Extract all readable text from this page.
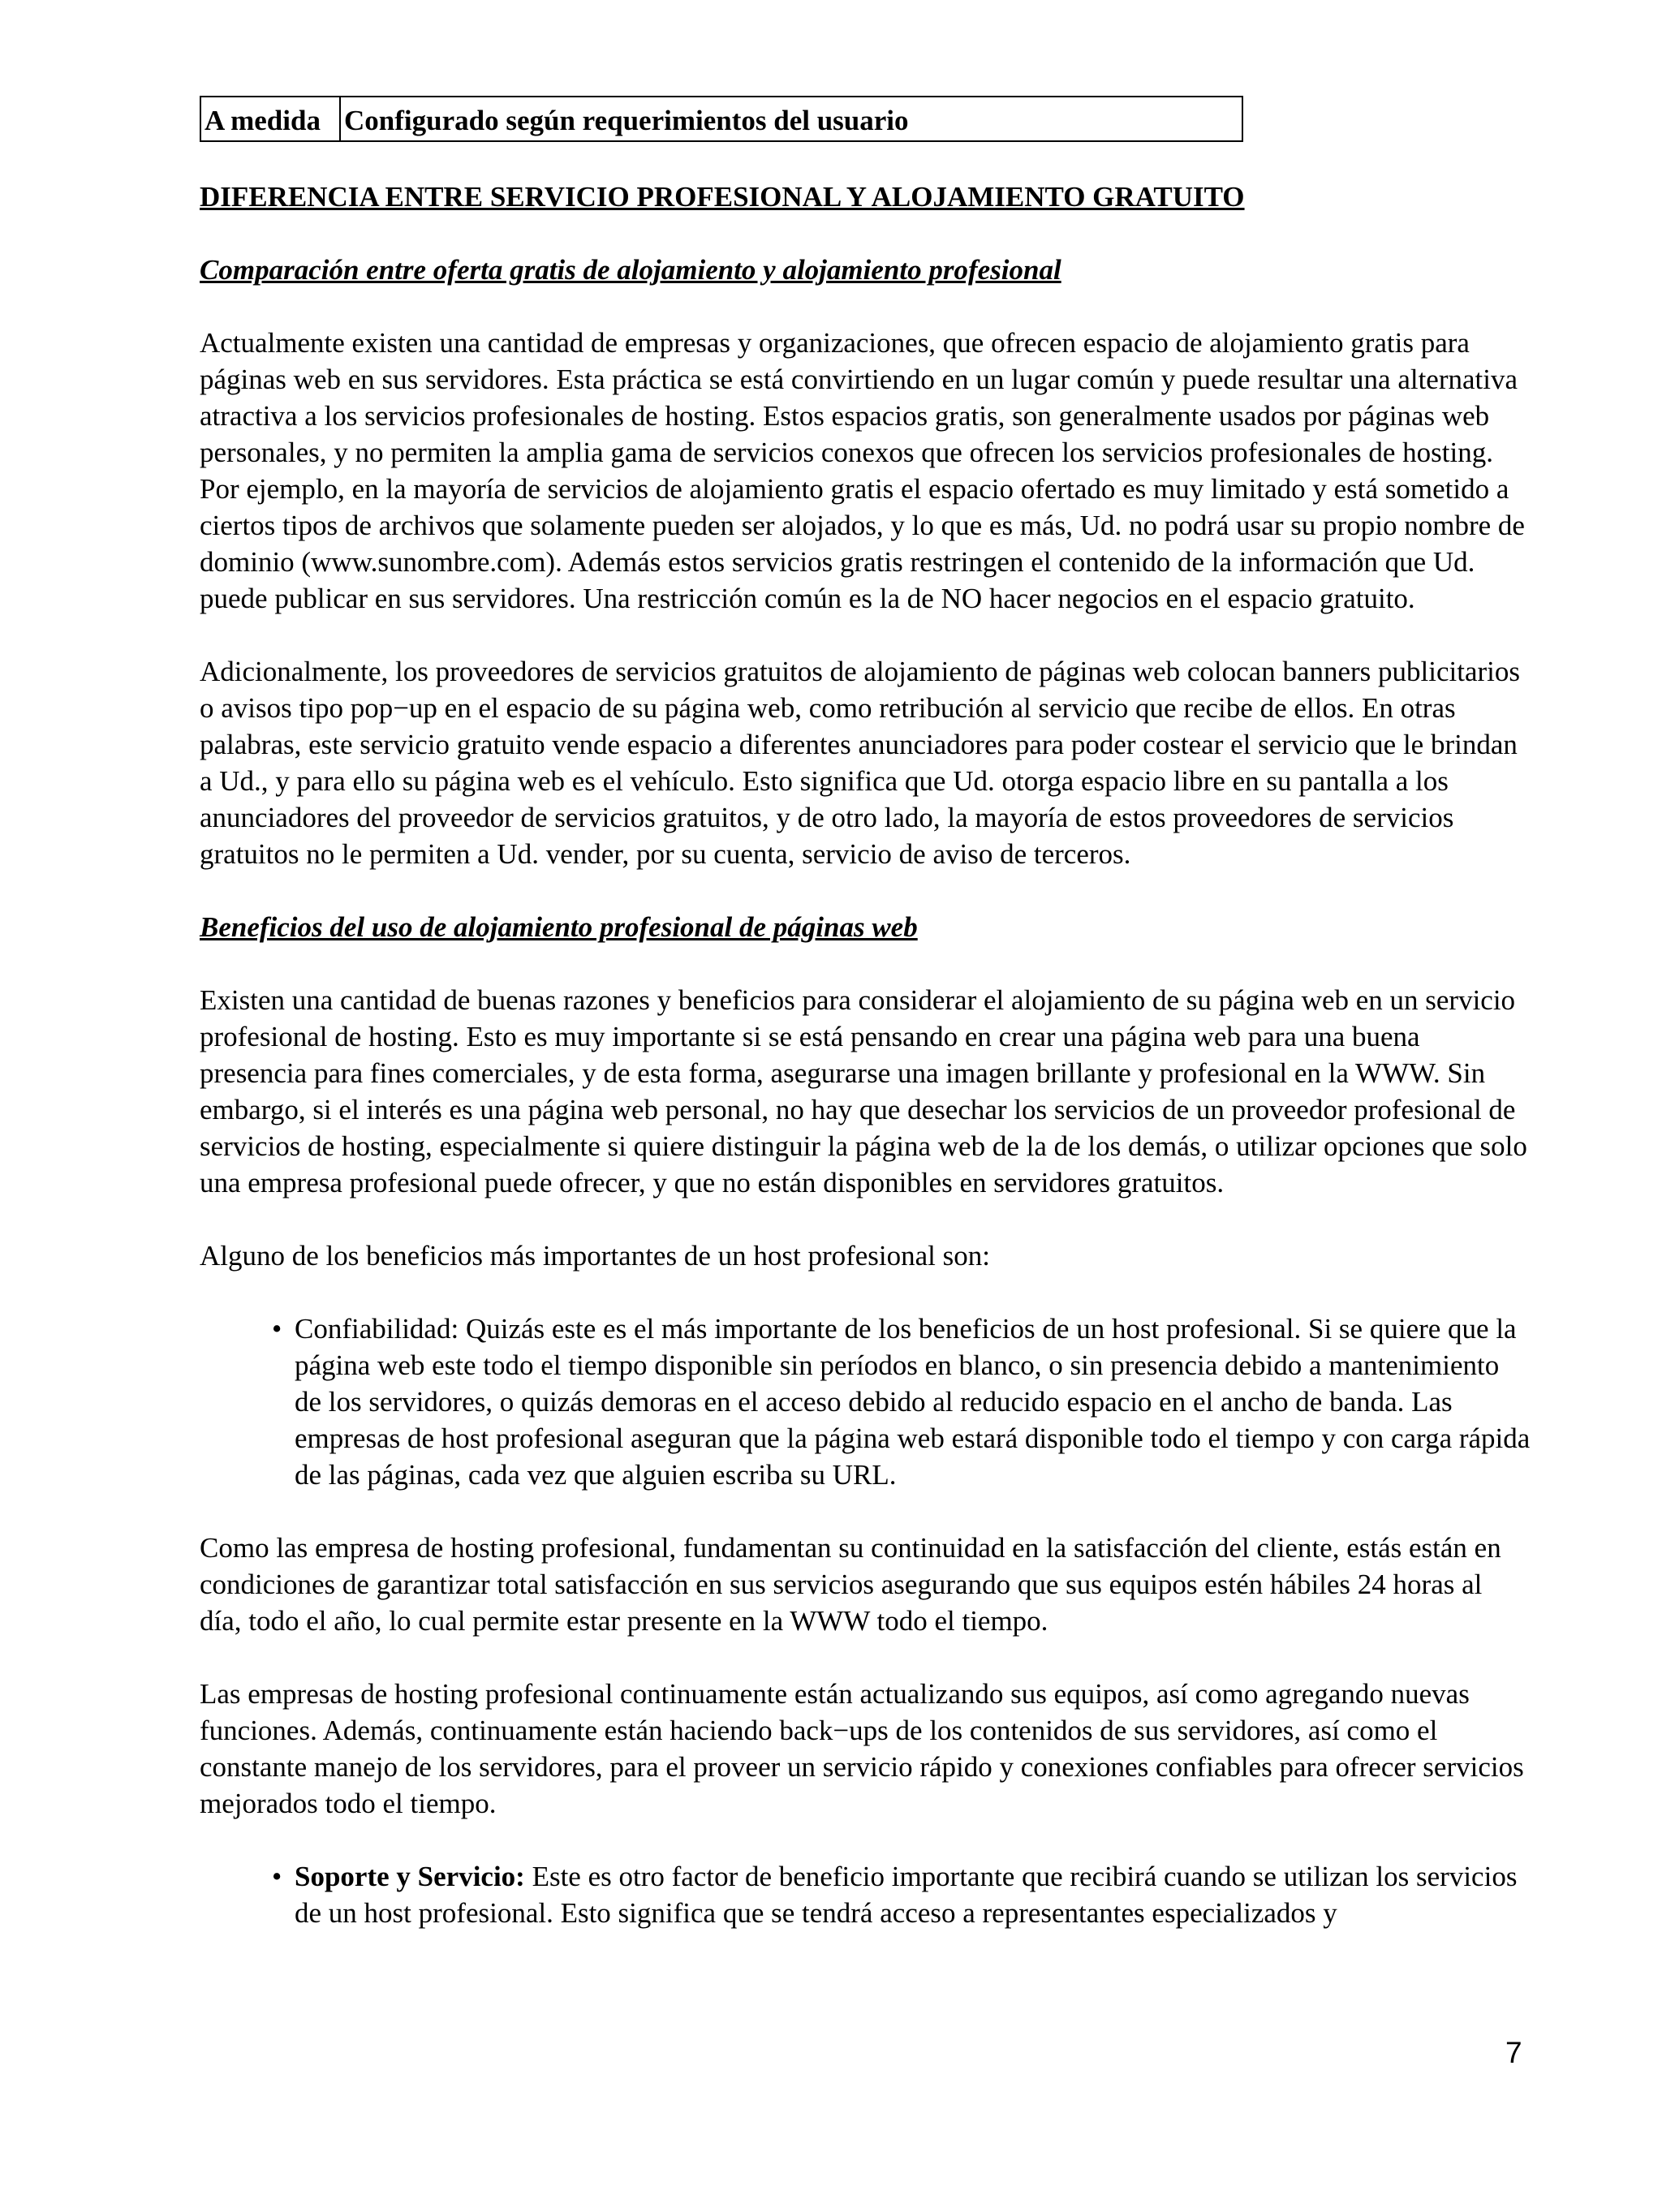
A medida	Configurado según requerimientos del usuario

DIFERENCIA ENTRE SERVICIO PROFESIONAL Y ALOJAMIENTO GRATUITO

Comparación entre oferta gratis de alojamiento y alojamiento profesional

Actualmente existen una cantidad de empresas y organizaciones, que ofrecen espacio de alojamiento gratis para páginas web en sus servidores. Esta práctica se está convirtiendo en un lugar común y puede resultar una alternativa atractiva a los servicios profesionales de hosting. Estos espacios gratis, son generalmente usados por páginas web personales, y no permiten la amplia gama de servicios conexos que ofrecen los servicios profesionales de hosting. Por ejemplo, en la mayoría de servicios de alojamiento gratis el espacio ofertado es muy limitado y está sometido a ciertos tipos de archivos que solamente pueden ser alojados, y lo que es más, Ud. no podrá usar su propio nombre de dominio (www.sunombre.com). Además estos servicios gratis restringen el contenido de la información que Ud. puede publicar en sus servidores. Una restricción común es la de NO hacer negocios en el espacio gratuito.

Adicionalmente, los proveedores de servicios gratuitos de alojamiento de páginas web colocan banners publicitarios o avisos tipo pop−up en el espacio de su página web, como retribución al servicio que recibe de ellos. En otras palabras, este servicio gratuito vende espacio a diferentes anunciadores para poder costear el servicio que le brindan a Ud., y para ello su página web es el vehículo. Esto significa que Ud. otorga espacio libre en su pantalla a los anunciadores del proveedor de servicios gratuitos, y de otro lado, la mayoría de estos proveedores de servicios gratuitos no le permiten a Ud. vender, por su cuenta, servicio de aviso de terceros.

Beneficios del uso de alojamiento profesional de páginas web

Existen una cantidad de buenas razones y beneficios para considerar el alojamiento de su página web en un servicio profesional de hosting. Esto es muy importante si se está pensando en crear una página web para una buena presencia para fines comerciales, y de esta forma, asegurarse una imagen brillante y profesional en la WWW. Sin embargo, si el interés es una página web personal, no hay que desechar los servicios de un proveedor profesional de servicios de hosting, especialmente si quiere distinguir la página web de la de los demás, o utilizar opciones que solo una empresa profesional puede ofrecer, y que no están disponibles en servidores gratuitos.

Alguno de los beneficios más importantes de un host profesional son:

• Confiabilidad: Quizás este es el más importante de los beneficios de un host profesional. Si se quiere que la página web este todo el tiempo disponible sin períodos en blanco, o sin presencia debido a mantenimiento de los servidores, o quizás demoras en el acceso debido al reducido espacio en el ancho de banda. Las empresas de host profesional aseguran que la página web estará disponible todo el tiempo y con carga rápida de las páginas, cada vez que alguien escriba su URL.

Como las empresa de hosting profesional, fundamentan su continuidad en la satisfacción del cliente, estás están en condiciones de garantizar total satisfacción en sus servicios asegurando que sus equipos estén hábiles 24 horas al día, todo el año, lo cual permite estar presente en la WWW todo el tiempo.

Las empresas de hosting profesional continuamente están actualizando sus equipos, así como agregando nuevas funciones. Además, continuamente están haciendo back−ups de los contenidos de sus servidores, así como el constante manejo de los servidores, para el proveer un servicio rápido y conexiones confiables para ofrecer servicios mejorados todo el tiempo.

• Soporte y Servicio: Este es otro factor de beneficio importante que recibirá cuando se utilizan los servicios de un host profesional. Esto significa que se tendrá acceso a representantes especializados y
7
